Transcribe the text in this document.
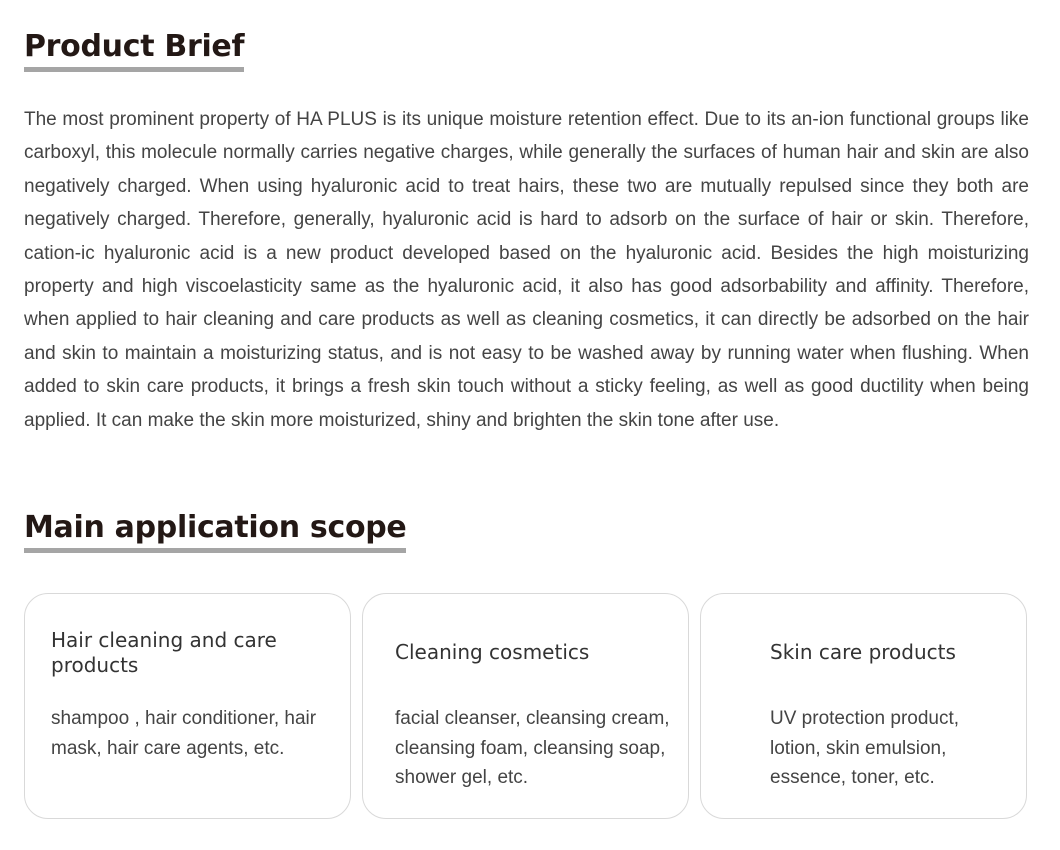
Product Brief

The most prominent property of HA PLUS is its unique moisture retention effect. Due to its an-ion functional groups like carboxyl, this molecule normally carries negative charges, while generally the surfaces of human hair and skin are also negatively charged. When using hyaluronic acid to treat hairs, these two are mutually repulsed since they both are negatively charged. Therefore, generally, hyaluronic acid is hard to adsorb on the surface of hair or skin. Therefore, cation-ic hyaluronic acid is a new product developed based on the hyaluronic acid. Besides the high moisturizing property and high viscoelasticity same as the hyaluronic acid, it also has good adsorbability and affinity. Therefore, when applied to hair cleaning and care products as well as cleaning cosmetics, it can directly be adsorbed on the hair and skin to maintain a moisturizing status, and is not easy to be washed away by running water when flushing. When added to skin care products, it brings a fresh skin touch without a sticky feeling, as well as good ductility when being applied. It can make the skin more moisturized, shiny and brighten the skin tone after use.

Main application scope
Hair cleaning and care products

shampoo , hair conditioner, hair mask, hair care agents, etc.

Cleaning cosmetics

facial cleanser, cleansing cream, cleansing foam, cleansing soap, shower gel, etc.

Skin care products

UV protection product, lotion, skin emulsion, essence, toner, etc.
